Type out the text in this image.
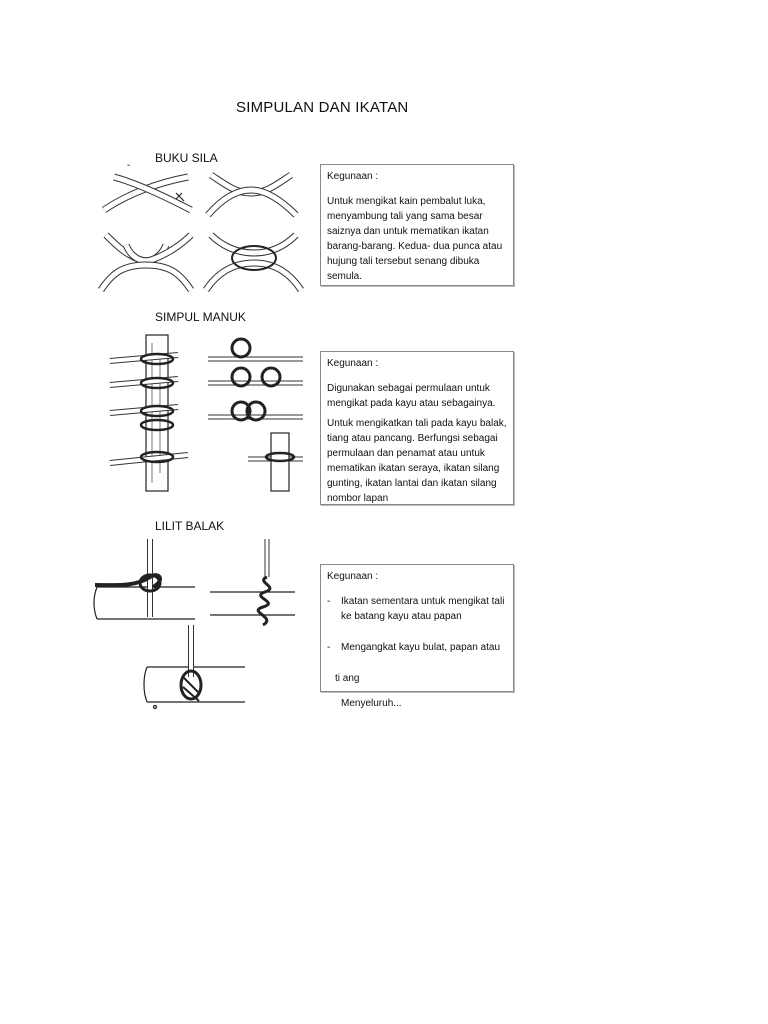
SIMPULAN DAN IKATAN
BUKU SILA
-
Kegunaan :

Untuk mengikat kain pembalut luka, menyambung tali yang sama besar saiznya dan untuk mematikan ikatan barang-barang. Kedua- dua punca atau hujung tali tersebut senang dibuka semula.

SIMPUL MANUK
Kegunaan :

Digunakan sebagai permulaan untuk mengikat pada kayu atau sebagainya.

Untuk mengikatkan tali pada kayu balak, tiang atau pancang. Berfungsi sebagai permulaan dan penamat atau untuk mematikan ikatan seraya, ikatan silang gunting, ikatan lantai dan ikatan silang nombor lapan

LILIT BALAK
Kegunaan :
- Ikatan sementara untuk mengikat tali ke batang kayu atau papan
- Mengangkat kayu bulat, papan atau
ti ang
Menyeluruh...
